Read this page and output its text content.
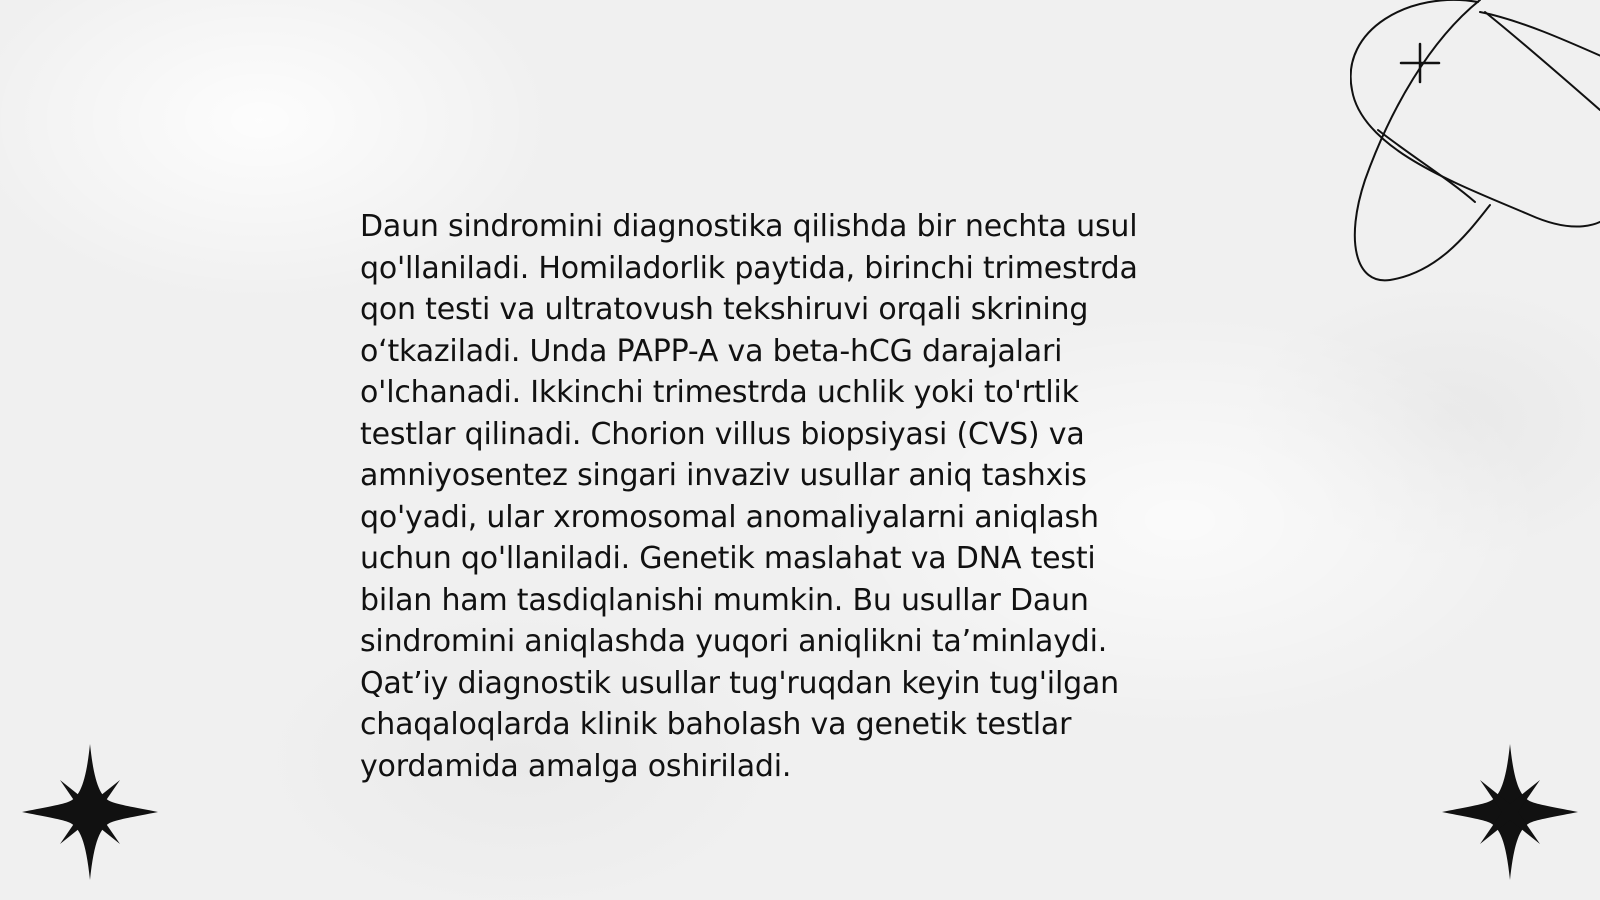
Daun sindromini diagnostika qilishda bir nechta usul
qo'llaniladi. Homiladorlik paytida, birinchi trimestrda
qon testi va ultratovush tekshiruvi orqali skrining
o‘tkaziladi. Unda PAPP-A va beta-hCG darajalari
o'lchanadi. Ikkinchi trimestrda uchlik yoki to'rtlik
testlar qilinadi. Chorion villus biopsiyasi (CVS) va
amniyosentez singari invaziv usullar aniq tashxis
qo'yadi, ular xromosomal anomaliyalarni aniqlash
uchun qo'llaniladi. Genetik maslahat va DNA testi
bilan ham tasdiqlanishi mumkin. Bu usullar Daun
sindromini aniqlashda yuqori aniqlikni ta’minlaydi.
Qat’iy diagnostik usullar tug'ruqdan keyin tug'ilgan
chaqaloqlarda klinik baholash va genetik testlar
yordamida amalga oshiriladi.
